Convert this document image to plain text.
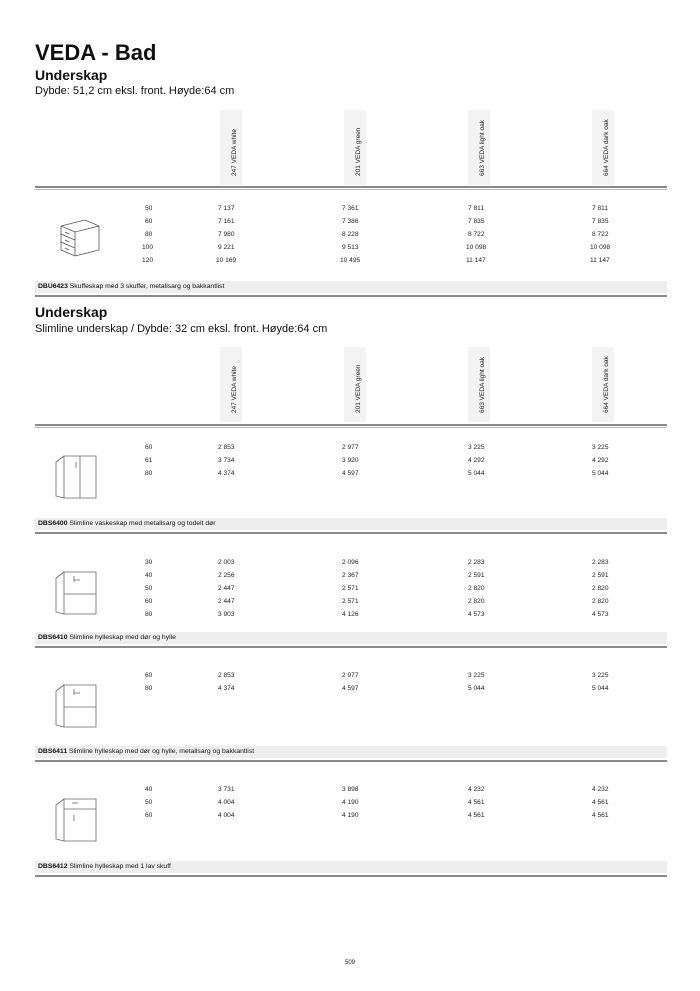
VEDA - Bad
Underskap
Dybde: 51,2 cm eksl. front. Høyde:64 cm
247 VEDA white	201 VEDA green	663 VEDA light oak	664 VEDA dark oak
50	7 137	7 361	7 811	7 811
60	7 161	7 386	7 835	7 835
80	7 980	8 228	8 722	8 722
100	9 221	9 513	10 098	10 098
120	10 169	10 495	11 147	11 147
DBU6423 Skuffeskap med 3 skuffer, metallsarg og bakkantlist
Underskap
Slimline underskap / Dybde: 32 cm eksl. front. Høyde:64 cm
247 VEDA white	201 VEDA green	663 VEDA light oak	664 VEDA dark oak
60	2 853	2 977	3 225	3 225
61	3 734	3 920	4 292	4 292
80	4 374	4 597	5 044	5 044
DBS6400 Slimline vaskeskap med metallsarg og todelt dør
30	2 003	2 096	2 283	2 283
40	2 256	2 367	2 591	2 591
50	2 447	2 571	2 820	2 820
60	2 447	2 571	2 820	2 820
80	3 903	4 126	4 573	4 573
DBS6410 Slimline hylleskap med dør og hylle
60	2 853	2 977	3 225	3 225
80	4 374	4 597	5 044	5 044
DBS6411 Slimline hylleskap med dør og hylle, metallsarg og bakkantlist
40	3 731	3 898	4 232	4 232
50	4 004	4 190	4 561	4 561
60	4 004	4 190	4 561	4 561
DBS6412 Slimline hylleskap med 1 lav skuff
509
